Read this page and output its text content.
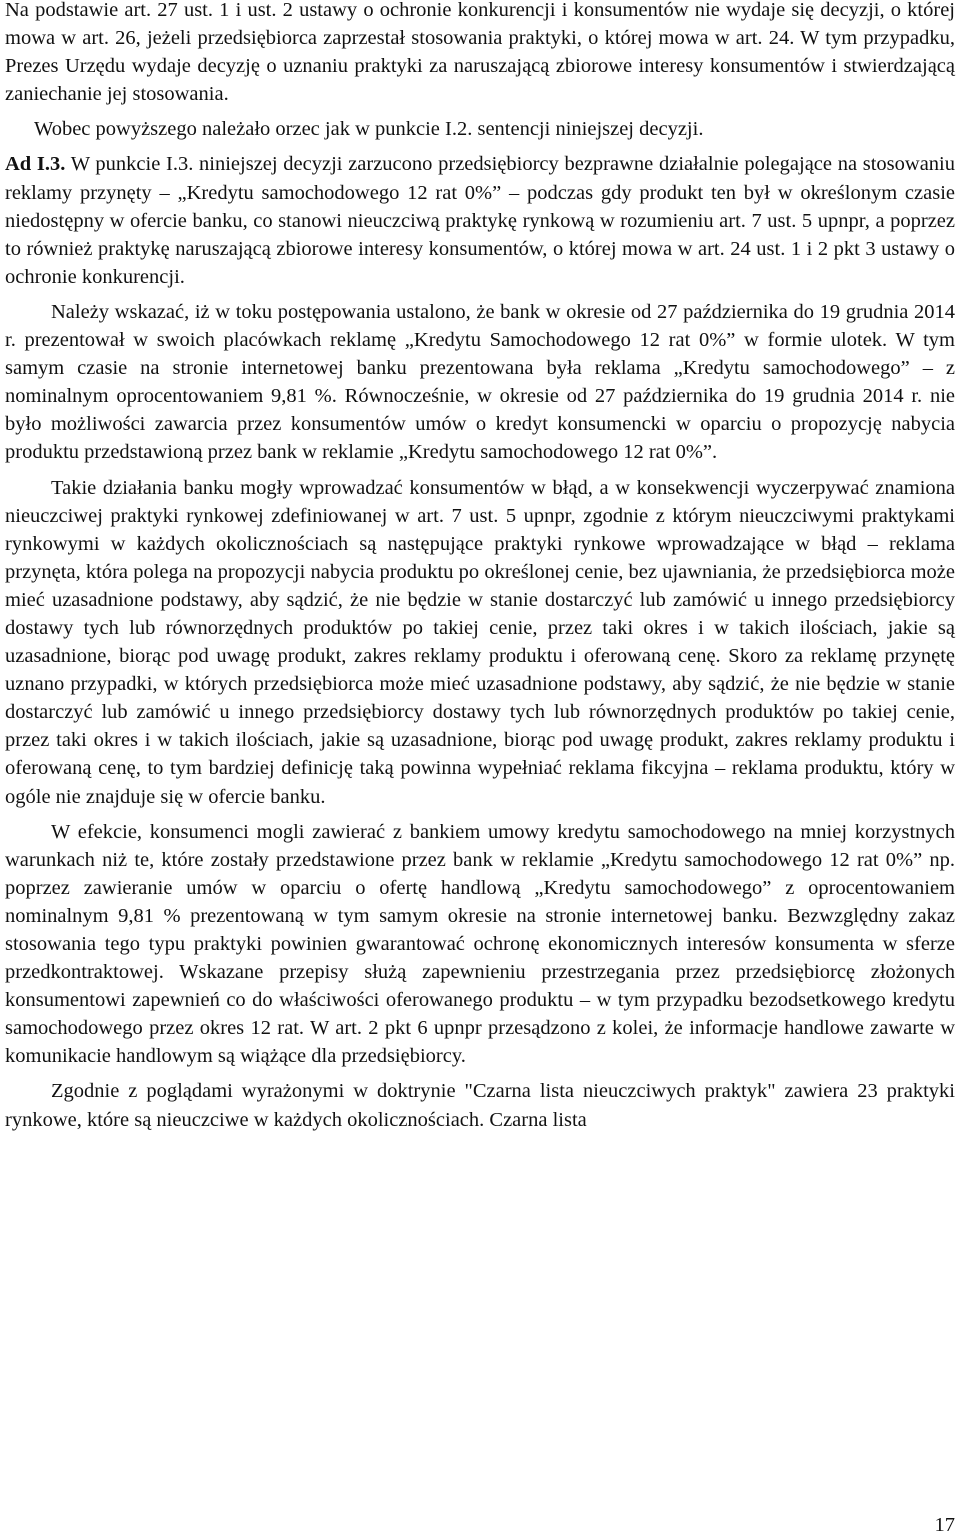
Na podstawie art. 27 ust. 1 i ust. 2 ustawy o ochronie konkurencji i konsumentów nie wydaje się decyzji, o której mowa w art. 26, jeżeli przedsiębiorca zaprzestał stosowania praktyki, o której mowa w art. 24. W tym przypadku, Prezes Urzędu wydaje decyzję o uznaniu praktyki za naruszającą zbiorowe interesy konsumentów i stwierdzającą zaniechanie jej stosowania.

Wobec powyższego należało orzec jak w punkcie I.2. sentencji niniejszej decyzji.

Ad I.3. W punkcie I.3. niniejszej decyzji zarzucono przedsiębiorcy bezprawne działalnie polegające na stosowaniu reklamy przynęty – „Kredytu samochodowego 12 rat 0%” – podczas gdy produkt ten był w określonym czasie niedostępny w ofercie banku, co stanowi nieuczciwą praktykę rynkową w rozumieniu art. 7 ust. 5 upnpr, a poprzez to również praktykę naruszającą zbiorowe interesy konsumentów, o której mowa w art. 24 ust. 1 i 2 pkt 3 ustawy o ochronie konkurencji.

Należy wskazać, iż w toku postępowania ustalono, że bank w okresie od 27 października do 19 grudnia 2014 r. prezentował w swoich placówkach reklamę „Kredytu Samochodowego 12 rat 0%” w formie ulotek. W tym samym czasie na stronie internetowej banku prezentowana była reklama „Kredytu samochodowego” – z nominalnym oprocentowaniem 9,81 %. Równocześnie, w okresie od 27 października do 19 grudnia 2014 r. nie było możliwości zawarcia przez konsumentów umów o kredyt konsumencki w oparciu o propozycję nabycia produktu przedstawioną przez bank w reklamie „Kredytu samochodowego 12 rat 0%”.

Takie działania banku mogły wprowadzać konsumentów w błąd, a w konsekwencji wyczerpywać znamiona nieuczciwej praktyki rynkowej zdefiniowanej w art. 7 ust. 5 upnpr, zgodnie z którym nieuczciwymi praktykami rynkowymi w każdych okolicznościach są następujące praktyki rynkowe wprowadzające w błąd – reklama przynęta, która polega na propozycji nabycia produktu po określonej cenie, bez ujawniania, że przedsiębiorca może mieć uzasadnione podstawy, aby sądzić, że nie będzie w stanie dostarczyć lub zamówić u innego przedsiębiorcy dostawy tych lub równorzędnych produktów po takiej cenie, przez taki okres i w takich ilościach, jakie są uzasadnione, biorąc pod uwagę produkt, zakres reklamy produktu i oferowaną cenę. Skoro za reklamę przynętę uznano przypadki, w których przedsiębiorca może mieć uzasadnione podstawy, aby sądzić, że nie będzie w stanie dostarczyć lub zamówić u innego przedsiębiorcy dostawy tych lub równorzędnych produktów po takiej cenie, przez taki okres i w takich ilościach, jakie są uzasadnione, biorąc pod uwagę produkt, zakres reklamy produktu i oferowaną cenę, to tym bardziej definicję taką powinna wypełniać reklama fikcyjna – reklama produktu, który w ogóle nie znajduje się w ofercie banku.

W efekcie, konsumenci mogli zawierać z bankiem umowy kredytu samochodowego na mniej korzystnych warunkach niż te, które zostały przedstawione przez bank w reklamie „Kredytu samochodowego 12 rat 0%” np. poprzez zawieranie umów w oparciu o ofertę handlową „Kredytu samochodowego” z oprocentowaniem nominalnym 9,81 % prezentowaną w tym samym okresie na stronie internetowej banku. Bezwzględny zakaz stosowania tego typu praktyki powinien gwarantować ochronę ekonomicznych interesów konsumenta w sferze przedkontraktowej. Wskazane przepisy służą zapewnieniu przestrzegania przez przedsiębiorcę złożonych konsumentowi zapewnień co do właściwości oferowanego produktu – w tym przypadku bezodsetkowego kredytu samochodowego przez okres 12 rat. W art. 2 pkt 6 upnpr przesądzono z kolei, że informacje handlowe zawarte w komunikacie handlowym są wiążące dla przedsiębiorcy.

Zgodnie z poglądami wyrażonymi w doktrynie "Czarna lista nieuczciwych praktyk" zawiera 23 praktyki rynkowe, które są nieuczciwe w każdych okolicznościach. Czarna lista

17
